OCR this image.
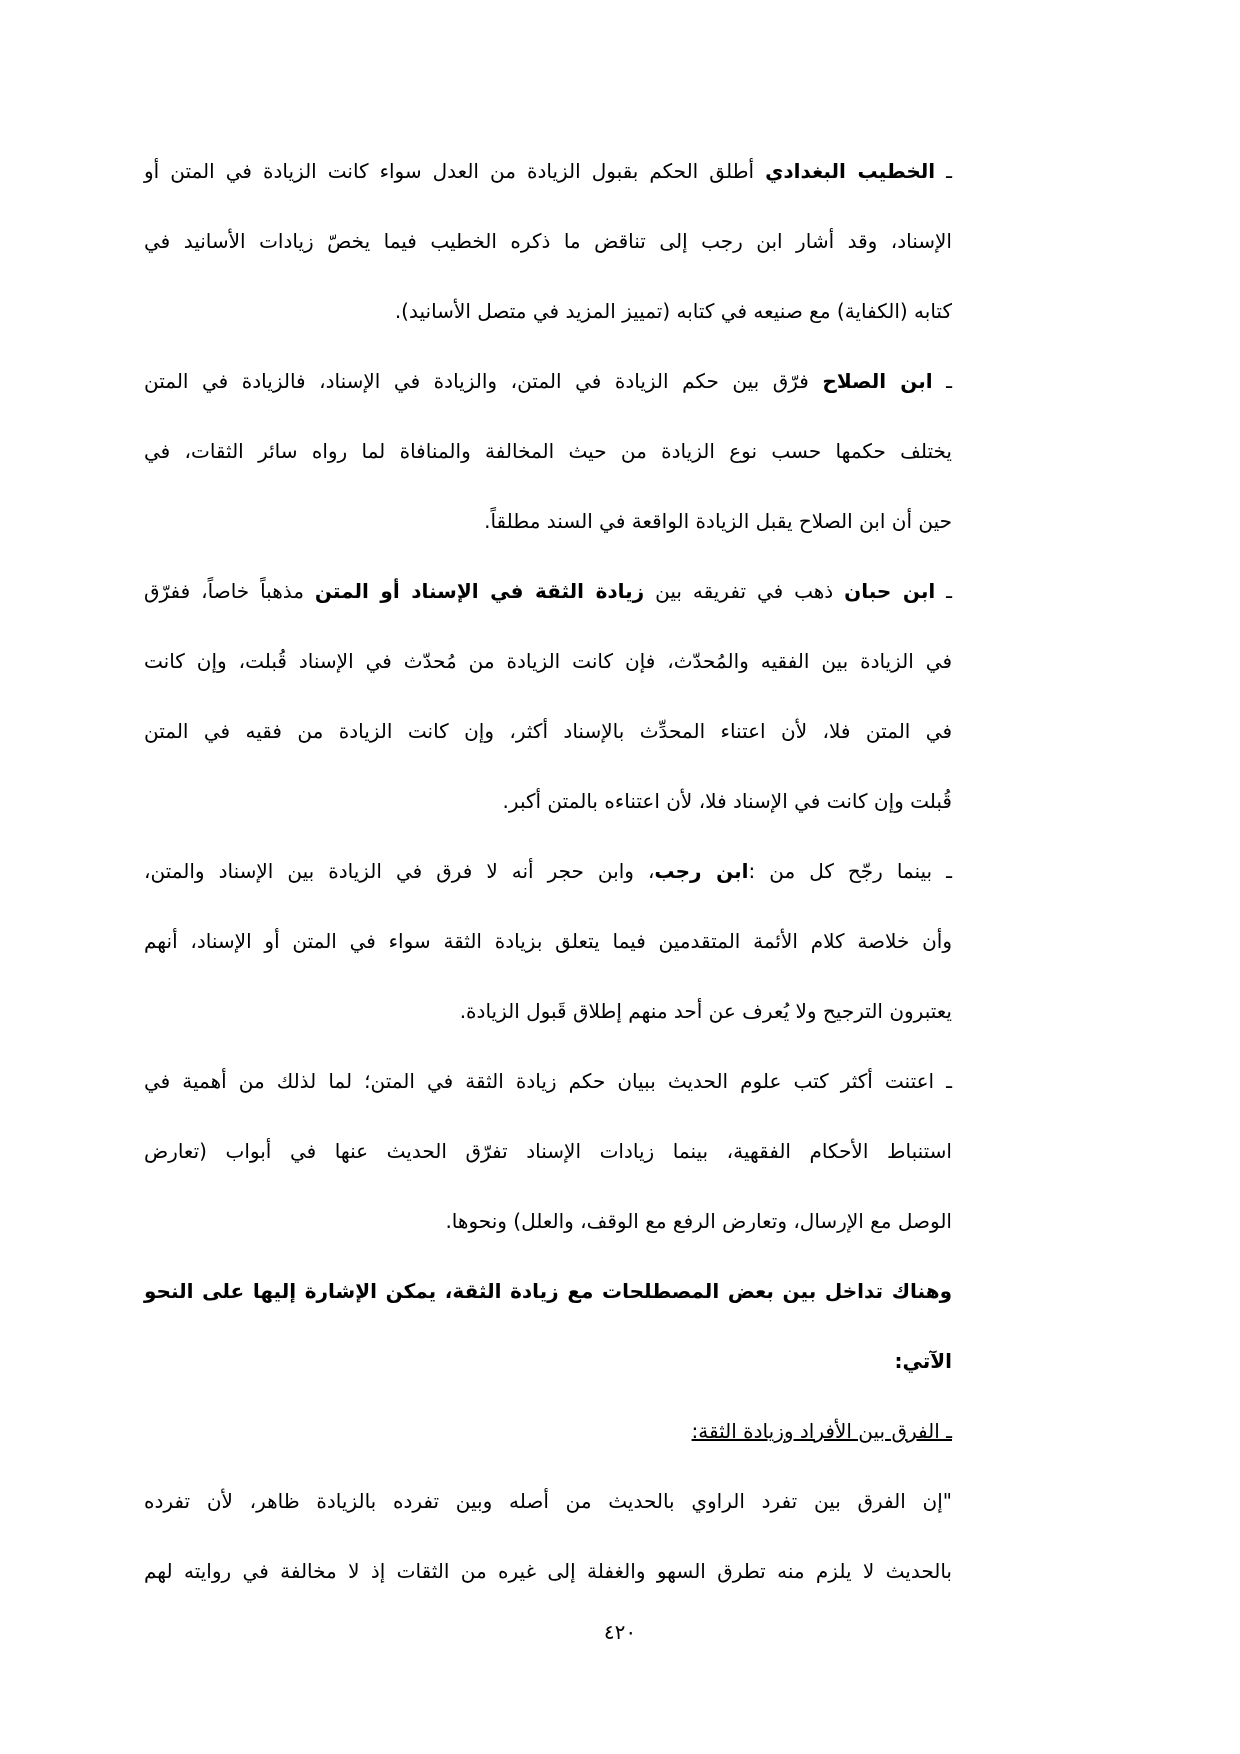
ـ الخطيب البغدادي أطلق الحكم بقبول الزيادة من العدل سواء كانت الزيادة في المتن أو
الإسناد، وقد أشار ابن رجب إلى تناقض ما ذكره الخطيب فيما يخصّ زيادات الأسانيد في
كتابه (الكفاية) مع صنيعه في كتابه (تمييز المزيد في متصل الأسانيد).
ـ ابن الصلاح فرّق بين حكم الزيادة في المتن، والزيادة في الإسناد، فالزيادة في المتن
يختلف حكمها حسب نوع الزيادة من حيث المخالفة والمنافاة لما رواه سائر الثقات، في
حين أن ابن الصلاح يقبل الزيادة الواقعة في السند مطلقاً.
ـ ابن حبان ذهب في تفريقه بين زيادة الثقة في الإسناد أو المتن مذهباً خاصاً، ففرّق
في الزيادة بين الفقيه والمُحدّث، فإن كانت الزيادة من مُحدّث في الإسناد قُبلت، وإن كانت
في المتن فلا، لأن اعتناء المحدِّث بالإسناد أكثر، وإن كانت الزيادة من فقيه في المتن
قُبلت وإن كانت في الإسناد فلا، لأن اعتناءه بالمتن أكبر.
ـ بينما رجّح كل من :ابن رجب، وابن حجر أنه لا فرق في الزيادة بين الإسناد والمتن،
وأن خلاصة كلام الأئمة المتقدمين فيما يتعلق بزيادة الثقة سواء في المتن أو الإسناد، أنهم
يعتبرون الترجيح ولا يُعرف عن أحد منهم إطلاق قَبول الزيادة.
ـ اعتنت أكثر كتب علوم الحديث ببيان حكم زيادة الثقة في المتن؛ لما لذلك من أهمية في
استنباط الأحكام الفقهية، بينما زيادات الإسناد تفرّق الحديث عنها في أبواب (تعارض
الوصل مع الإرسال، وتعارض الرفع مع الوقف، والعلل) ونحوها.
وهناك تداخل بين بعض المصطلحات مع زيادة الثقة، يمكن الإشارة إليها على النحو
الآتي:
ـ الفرق بين الأفراد وزيادة الثقة:
"إن الفرق بين تفرد الراوي بالحديث من أصله وبين تفرده بالزيادة ظاهر، لأن تفرده
بالحديث لا يلزم منه تطرق السهو والغفلة إلى غيره من الثقات إذ لا مخالفة في روايته لهم
٤٢٠
